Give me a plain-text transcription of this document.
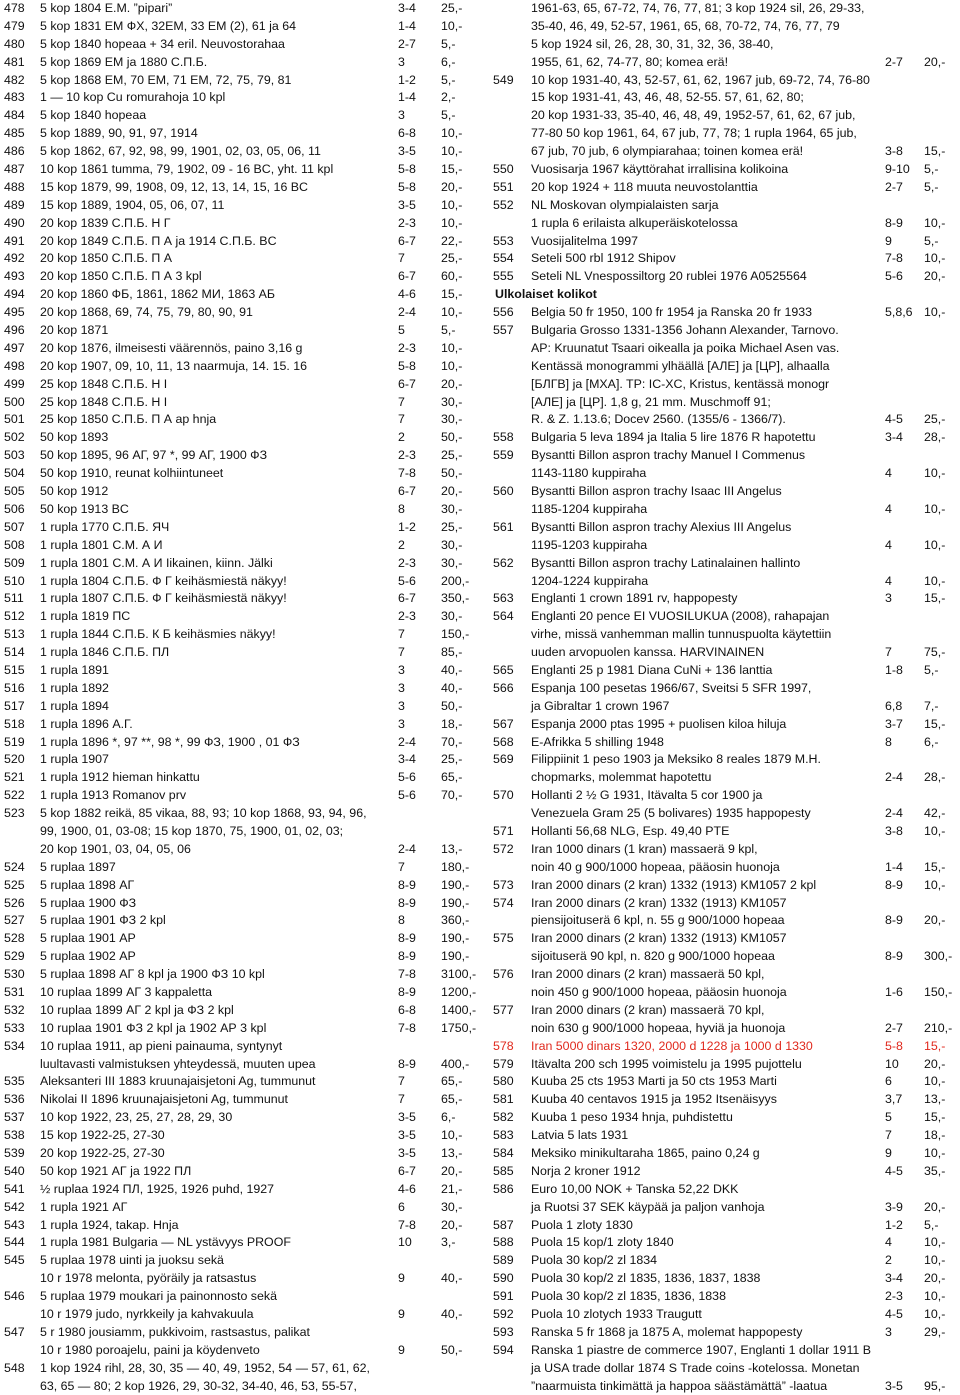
478 5 kop 1804 E.M. ”pipari”	3-4 25,-
479 5 kop 1831 EM ФX, 32EM, 33 EM (2), 61 ja 64	1-4 10,-
480 5 kop 1840 hopeaa + 34 eril. Neuvostorahaa	2-7 5,-
481 5 kop 1869 EM ja 1880 С.П.Б.	3	6,-
482 5 kop 1868 EM, 70 EM, 71 EM, 72, 75, 79, 81	1-2 5,-
483 1 — 10 kop Cu romurahoja 10 kpl	1-4 2,-
484 5 kop 1840 hopeaa	3	5,-
485 5 kop 1889, 90, 91, 97, 1914	6-8 10,-
486 5 kop 1862, 67, 92, 98, 99, 1901, 02, 03, 05, 06, 11	3-5 10,-
487 10 kop 1861 tumma, 79, 1902, 09 - 16 BC, yht. 11 kpl	5-8 15,-
488 15 kop 1879, 99, 1908, 09, 12, 13, 14, 15, 16 BC	5-8 20,-
489 15 kop 1889, 1904, 05, 06, 07, 11	3-5 10,-
490 20 kop 1839 С.П.Б. H Г	2-3 10,-
491 20 kop 1849 С.П.Б. П А ja 1914 С.П.Б. BC	6-7 22,-
492 20 kop 1850 С.П.Б. П А	7	25,-
493 20 kop 1850 С.П.Б. П А 3 kpl	6-7 60,-
494 20 kop 1860 ФБ, 1861, 1862 МИ, 1863 АБ	4-6 15,-
495 20 kop 1868, 69, 74, 75, 79, 80, 90, 91	2-4 10,-
496 20 kop 1871	5	5,-
497 20 kop 1876, ilmeisesti väärennös, paino 3,16 g	2-3 10,-
498 20 kop 1907, 09, 10, 11, 13 naarmuja, 14. 15. 16	5-8 10,-
499 25 kop 1848 С.П.Б. H I	6-7 20,-
500 25 kop 1848 С.П.Б. H I	7	30,-
501 25 kop 1850 С.П.Б. П А ap hnja	7	30,-
502 50 kop 1893	2	50,-
503 50 kop 1895, 96 АГ, 97 *, 99 АГ, 1900 ФЗ	2-3 25,-
504 50 kop 1910, reunat kolhiintuneet	7-8 50,-
505 50 kop 1912	6-7 20,-
506 50 kop 1913 BC	8	30,-
507 1 rupla 1770 С.П.Б. ЯЧ	1-2 25,-
508 1 rupla 1801 С.М. А И	2	30,-
509 1 rupla 1801 С.М. А И Iikainen, kiinn. Jälki	2-3 30,-
510 1 rupla 1804 С.П.Б. Ф Г keihäsmiestä näkyy!	5-6 200,-
511 1 rupla 1807 С.П.Б. Ф Г keihäsmiestä näkyy!	6-7 350,-
512 1 rupla 1819 ПС	2-3 30,-
513 1 rupla 1844 С.П.Б. К Б keihäsmies näkyy!	7	150,-
514 1 rupla 1846 С.П.Б. ПЛ	7	85,-
515 1 rupla 1891	3	40,-
516 1 rupla 1892	3	40,-
517 1 rupla 1894	3	50,-
518 1 rupla 1896 А.Г.	3	18,-
519 1 rupla 1896 *, 97 **, 98 *, 99 ФЗ, 1900 , 01 ФЗ	2-4 70,-
520 1 rupla 1907	3-4 25,-
521 1 rupla 1912 hieman hinkattu	5-6 65,-
522 1 rupla 1913 Romanov prv	5-6 70,-
523 5 kop 1882 reikä, 85 vikaa, 88, 93; 10 kop 1868, 93, 94, 96,
99, 1900, 01, 03-08; 15 kop 1870, 75, 1900, 01, 02, 03;
20 kop 1901, 03, 04, 05, 06	2-4 13,-
524 5 ruplaa 1897	7	180,-
525 5 ruplaa 1898 АГ	8-9 190,-
526 5 ruplaa 1900 ФЗ	8-9 190,-
527 5 ruplaa 1901 ФЗ 2 kpl	8	360,-
528 5 ruplaa 1901 АР	8-9 190,-
529 5 ruplaa 1902 АР	8-9 190,-
530 5 ruplaa 1898 АГ 8 kpl ja 1900 ФЗ 10 kpl	7-8 3100,-
531 10 ruplaa 1899 АГ 3 kappaletta	8-9 1200,-
532 10 ruplaa 1899 АГ 2 kpl ja ФЗ 2 kpl	6-8 1400,-
533 10 ruplaa 1901 ФЗ 2 kpl ja 1902 АР 3 kpl	7-8 1750,-
534 10 ruplaa 1911, ap pieni painauma, syntynyt
luultavasti valmistuksen yhteydessä, muuten upea	8-9 400,-
535 Aleksanteri III 1883 kruunajaisjetoni Ag, tummunut	7	65,-
536 Nikolai II 1896 kruunajaisjetoni Ag, tummunut	7	65,-
537 10 kop 1922, 23, 25, 27, 28, 29, 30	3-5 6,-
538 15 kop 1922-25, 27-30	3-5 10,-
539 20 kop 1922-25, 27-30	3-5 13,-
540 50 kop 1921 АГ ja 1922 ПЛ	6-7 20,-
541 ½ ruplaa 1924 ПЛ, 1925, 1926 puhd, 1927	4-6 21,-
542 1 rupla 1921 АГ	6	30,-
543 1 rupla 1924, takap. Hnja	7-8 20,-
544 1 rupla 1981 Bulgaria — NL ystävyys PROOF	10 3,-
545 5 ruplaa 1978 uinti ja juoksu sekä
10 r 1978 melonta, pyöräily ja ratsastus	9	40,-
546 5 ruplaa 1979 moukari ja painonnosto sekä
10 r 1979 judo, nyrkkeily ja kahvakuula	9	40,-
547 5 r 1980 jousiamm, pukkivoim, rastsastus, palikat
10 r 1980 poroajelu, paini ja köydenveto	9	50,-
548 1 kop 1924 rihl, 28, 30, 35 — 40, 49, 1952, 54 — 57, 61, 62,
63, 65 — 80; 2 kop 1926, 29, 30-32, 34-40, 46, 53, 55-57,
1961-63, 65, 67-72, 74, 76, 77, 81; 3 kop 1924 sil, 26, 29-33,
35-40, 46, 49, 52-57, 1961, 65, 68, 70-72, 74, 76, 77, 79
5 kop 1924 sil, 26, 28, 30, 31, 32, 36, 38-40,
1955, 61, 62, 74-77, 80; komea erä!	2-7 20,-
549 10 kop 1931-40, 43, 52-57, 61, 62, 1967 jub, 69-72, 74, 76-80
15 kop 1931-41, 43, 46, 48, 52-55. 57, 61, 62, 80;
20 kop 1931-33, 35-40, 46, 48, 49, 1952-57, 61, 62, 67 jub,
77-80 50 kop 1961, 64, 67 jub, 77, 78; 1 rupla 1964, 65 jub,
67 jub, 70 jub, 6 olympiarahaa; toinen komea erä!	3-8 15,-
550 Vuosisarja 1967 käyttörahat irrallisina kolikoina	9-10 5,-
551 20 kop 1924 + 118 muuta neuvostolanttia	2-7 5,-
552 NL Moskovan olympialaisten sarja
1 rupla 6 erilaista alkuperäiskotelossa	8-9 10,-
553 Vuosijalitelma 1997	9	5,-
554 Seteli 500 rbl 1912 Shipov	7-8 10,-
555 Seteli NL Vnespossiltorg 20 rublei 1976 A0525564	5-6 20,-
Ulkolaiset kolikot
556 Belgia 50 fr 1950, 100 fr 1954 ja Ranska 20 fr 1933	5,8,6 10,-
557 Bulgaria Grosso 1331-1356 Johann Alexander, Tarnovo.
AP: Kruunatut Tsaari oikealla ja poika Michael Asen vas.
Kentässä monogrammi ylhäällä [АЛЕ] ja [ЦР], alhaalla
[БЛГВ] ja [МХА]. TP: IC-XC, Kristus, kentässä monogr
[АЛЕ] ja [ЦР]. 1,8 g, 21 mm. Muschmoff 91;
R. & Z. 1.13.6; Docev 2560. (1355/6 - 1366/7).	4-5 25,-
558 Bulgaria 5 leva 1894 ja Italia 5 lire 1876 R hapotettu	3-4 28,-
559 Bysantti Billon aspron trachy Manuel I Commenus
1143-1180 kuppiraha	4	10,-
560 Bysantti Billon aspron trachy Isaac III Angelus
1185-1204 kuppiraha	4	10,-
561 Bysantti Billon aspron trachy Alexius III Angelus
1195-1203 kuppiraha	4	10,-
562 Bysantti Billon aspron trachy Latinalainen hallinto
1204-1224 kuppiraha	4	10,-
563 Englanti 1 crown 1891 rv, happopesty	3	15,-
564 Englanti 20 pence EI VUOSILUKUA (2008), rahapajan
virhe, missä vanhemman mallin tunnuspuolta käytettiin
uuden arvopuolen kanssa. HARVINAINEN	7	75,-
565 Englanti 25 p 1981 Diana CuNi + 136 lanttia	1-8 5,-
566 Espanja 100 pesetas 1966/67, Sveitsi 5 SFR 1997,
ja Gibraltar 1 crown 1967	6,8 7,-
567 Espanja 2000 ptas 1995 + puolisen kiloa hiluja	3-7 15,-
568 E-Afrikka 5 shilling 1948	8	6,-
569 Filippiinit 1 peso 1903 ja Meksiko 8 reales 1879 M.H.
chopmarks, molemmat hapotettu	2-4 28,-
570 Hollanti 2 ½ G 1931, Itävalta 5 cor 1900 ja
Venezuela Gram 25 (5 bolivares) 1935 happopesty	2-4 42,-
571 Hollanti 56,68 NLG, Esp. 49,40 PTE	3-8 10,-
572 Iran 1000 dinars (1 kran) massaerä 9 kpl,
noin 40 g 900/1000 hopeaa, pääosin huonoja	1-4 15,-
573 Iran 2000 dinars (2 kran) 1332 (1913) KM1057 2 kpl	8-9 10,-
574 Iran 2000 dinars (2 kran) 1332 (1913) KM1057
piensijoituserä 6 kpl, n. 55 g 900/1000 hopeaa	8-9 20,-
575 Iran 2000 dinars (2 kran) 1332 (1913) KM1057
sijoituserä 90 kpl, n. 820 g 900/1000 hopeaa	8-9 300,-
576 Iran 2000 dinars (2 kran) massaerä 50 kpl,
noin 450 g 900/1000 hopeaa, pääosin huonoja	1-6 150,-
577 Iran 2000 dinars (2 kran) massaerä 70 kpl,
noin 630 g 900/1000 hopeaa, hyviä ja huonoja	2-7 210,-
578 Iran 5000 dinars 1320, 2000 d 1228 ja 1000 d 1330	5-8 15,-
579 Itävalta 200 sch 1995 voimistelu ja 1995 pujottelu	10 20,-
580 Kuuba 25 cts 1953 Marti ja 50 cts 1953 Marti	6	10,-
581 Kuuba 40 centavos 1915 ja 1952 Itsenäisyys	3,7 13,-
582 Kuuba 1 peso 1934 hnja, puhdistettu	5	15,-
583 Latvia 5 lats 1931	7	18,-
584 Meksiko minikultaraha 1865, paino 0,24 g	9	10,-
585 Norja 2 kroner 1912	4-5 35,-
586 Euro 10,00 NOK + Tanska 52,22 DKK
ja Ruotsi 37 SEK käypää ja paljon vanhoja	3-9 20,-
587 Puola 1 zloty 1830	1-2 5,-
588 Puola 15 kop/1 zloty 1840	4	10,-
589 Puola 30 kop/2 zl 1834	2	10,-
590 Puola 30 kop/2 zl 1835, 1836, 1837, 1838	3-4 20,-
591 Puola 30 kop/2 zl 1835, 1836, 1838	2-3 10,-
592 Puola 10 zlotych 1933 Traugutt	4-5 10,-
593 Ranska 5 fr 1868 ja 1875 A, molemat happopesty	3	29,-
594 Ranska 1 piastre de commerce 1907, Englanti 1 dollar 1911 B
ja USA trade dollar 1874 S Trade coins -kotelossa. Monetan
”naarmuista tinkimättä ja happoa säästämättä” -laatua	3-5 95,-
